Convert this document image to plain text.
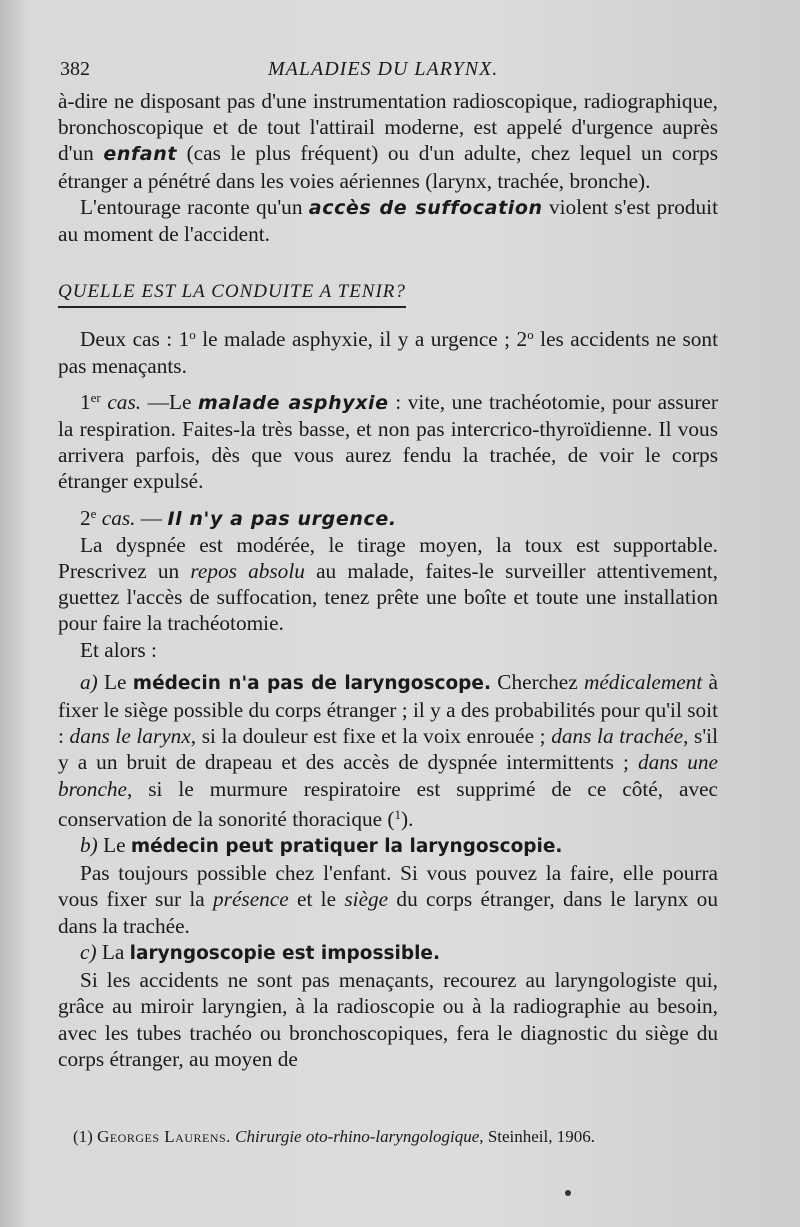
382	MALADIES DU LARYNX.

à-dire ne disposant pas d'une instrumentation radioscopique, radiographique, bronchoscopique et de tout l'attirail moderne, est appelé d'urgence auprès d'un enfant (cas le plus fréquent) ou d'un adulte, chez lequel un corps étranger a pénétré dans les voies aériennes (larynx, trachée, bronche).

L'entourage raconte qu'un accès de suffocation violent s'est produit au moment de l'accident.

QUELLE EST LA CONDUITE A TENIR?

Deux cas : 1$^o$ le malade asphyxie, il y a urgence ; 2$^o$ les accidents ne sont pas menaçants.

1er cas. —Le malade asphyxie : vite, une trachéotomie, pour assurer la respiration. Faites-la très basse, et non pas intercrico-thyroïdienne. Il vous arrivera parfois, dès que vous aurez fendu la trachée, de voir le corps étranger expulsé.

2e cas. — Il n'y a pas urgence.

La dyspnée est modérée, le tirage moyen, la toux est supportable. Prescrivez un repos absolu au malade, faites-le surveiller attentivement, guettez l'accès de suffocation, tenez prête une boîte et toute une installation pour faire la trachéotomie.

Et alors :

a) Le médecin n'a pas de laryngoscope. Cherchez médicalement à fixer le siège possible du corps étranger ; il y a des probabilités pour qu'il soit : dans le larynx, si la douleur est fixe et la voix enrouée ; dans la trachée, s'il y a un bruit de drapeau et des accès de dyspnée intermittents ; dans une bronche, si le murmure respiratoire est supprimé de ce côté, avec conservation de la sonorité thoracique ($^1$).

b) Le médecin peut pratiquer la laryngoscopie.

Pas toujours possible chez l'enfant. Si vous pouvez la faire, elle pourra vous fixer sur la présence et le siège du corps étranger, dans le larynx ou dans la trachée.

c) La laryngoscopie est impossible.

Si les accidents ne sont pas menaçants, recourez au laryngologiste qui, grâce au miroir laryngien, à la radioscopie ou à la radiographie au besoin, avec les tubes trachéo ou bronchoscopiques, fera le diagnostic du siège du corps étranger, au moyen de

(1) Georges Laurens. Chirurgie oto-rhino-laryngologique, Steinheil, 1906.
